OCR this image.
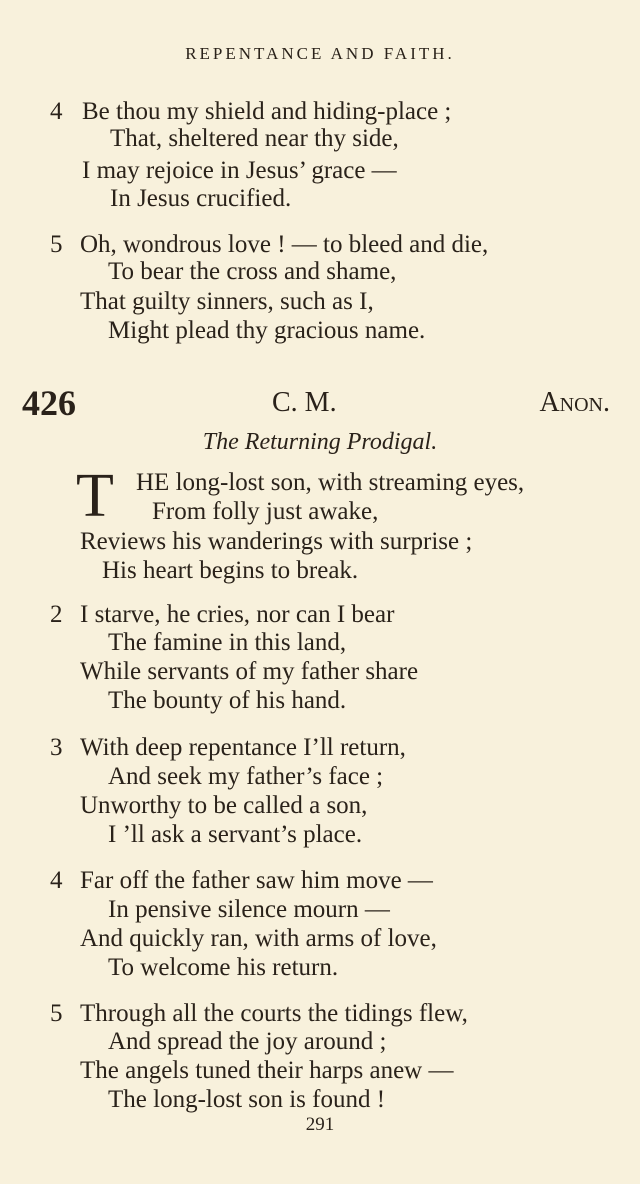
REPENTANCE AND FAITH.
4 Be thou my shield and hiding-place ;
That, sheltered near thy side,
I may rejoice in Jesus’ grace —
In Jesus crucified.
5 Oh, wondrous love ! — to bleed and die,
To bear the cross and shame,
That guilty sinners, such as I,
Might plead thy gracious name.
426	C. M.	Anon.
The Returning Prodigal.
T HE long-lost son, with streaming eyes,
From folly just awake,
Reviews his wanderings with surprise ;
His heart begins to break.
2 I starve, he cries, nor can I bear
The famine in this land,
While servants of my father share
The bounty of his hand.
3 With deep repentance I’ll return,
And seek my father’s face ;
Unworthy to be called a son,
I ’ll ask a servant’s place.
4 Far off the father saw him move —
In pensive silence mourn —
And quickly ran, with arms of love,
To welcome his return.
5 Through all the courts the tidings flew,
And spread the joy around ;
The angels tuned their harps anew —
The long-lost son is found !
291
